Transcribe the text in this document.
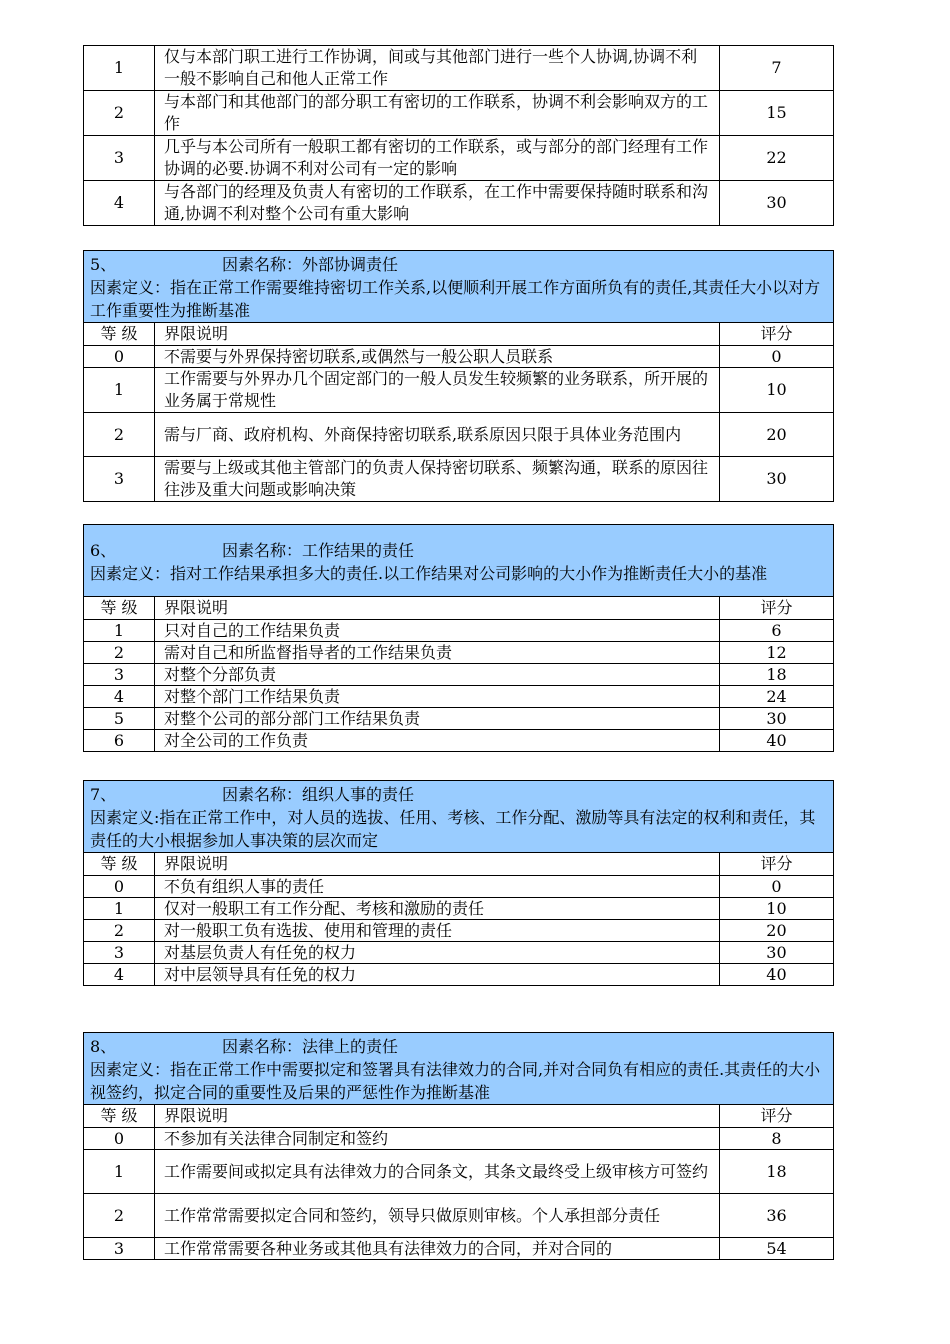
1	仅与本部门职工进行工作协调，间或与其他部门进行一些个人协调,协调不利一般不影响自己和他人正常工作	7
2	与本部门和其他部门的部分职工有密切的工作联系，协调不利会影响双方的工作	15
3	几乎与本公司所有一般职工都有密切的工作联系，或与部分的部门经理有工作协调的必要.协调不利对公司有一定的影响	22
4	与各部门的经理及负责人有密切的工作联系，在工作中需要保持随时联系和沟通,协调不利对整个公司有重大影响	30
5、 因素名称：外部协调责任
因素定义：指在正常工作需要维持密切工作关系,以便顺利开展工作方面所负有的责任,其责任大小以对方工作重要性为推断基准		

等 级	界限说明	评分
0	不需要与外界保持密切联系,或偶然与一般公职人员联系	0
1	工作需要与外界办几个固定部门的一般人员发生较频繁的业务联系，所开展的业务属于常规性	10
2	需与厂商、政府机构、外商保持密切联系,联系原因只限于具体业务范围内	20
3	需要与上级或其他主管部门的负责人保持密切联系、频繁沟通，联系的原因往往涉及重大问题或影响决策	30
6、 因素名称：工作结果的责任
因素定义：指对工作结果承担多大的责任.以工作结果对公司影响的大小作为推断责任大小的基准		

等 级	界限说明	评分
1	只对自己的工作结果负责	6
2	需对自己和所监督指导者的工作结果负责	12
3	对整个分部负责	18
4	对整个部门工作结果负责	24
5	对整个公司的部分部门工作结果负责	30
6	对全公司的工作负责	40
7、 因素名称：组织人事的责任
因素定义:指在正常工作中，对人员的选拔、任用、考核、工作分配、激励等具有法定的权利和责任，其责任的大小根据参加人事决策的层次而定		

等 级	界限说明	评分
0	不负有组织人事的责任	0
1	仅对一般职工有工作分配、考核和激励的责任	10
2	对一般职工负有选拔、使用和管理的责任	20
3	对基层负责人有任免的权力	30
4	对中层领导具有任免的权力	40
8、 因素名称：法律上的责任
因素定义：指在正常工作中需要拟定和签署具有法律效力的合同,并对合同负有相应的责任.其责任的大小视签约，拟定合同的重要性及后果的严惩性作为推断基准		

等 级	界限说明	评分
0	不参加有关法律合同制定和签约	8
1	工作需要间或拟定具有法律效力的合同条文，其条文最终受上级审核方可签约	18
2	工作常常需要拟定合同和签约，领导只做原则审核。个人承担部分责任	36
3	工作常常需要各种业务或其他具有法律效力的合同，并对合同的	54
